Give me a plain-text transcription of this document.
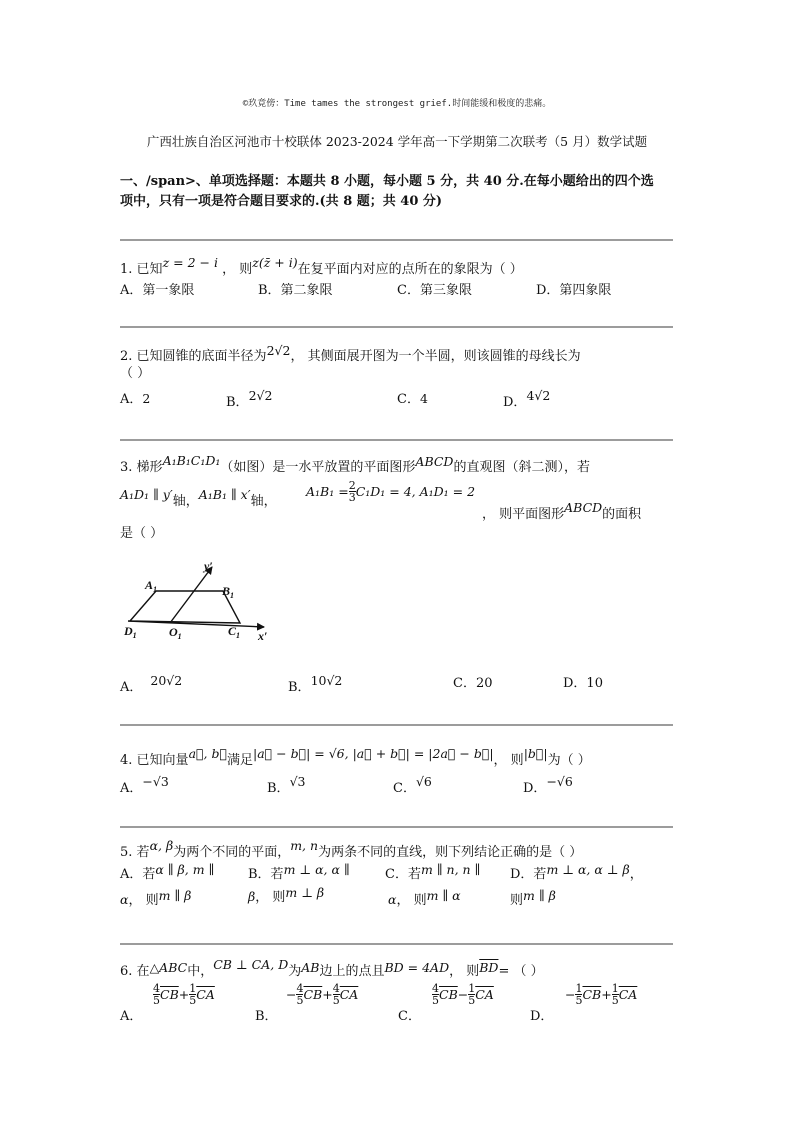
©玖竟傍：Time tames the strongest grief.时间能缓和极度的悲痛。
广西壮族自治区河池市十校联体 2023-2024 学年高一下学期第二次联考（5 月）数学试题
一、/span>、单项选择题：本题共 8 小题，每小题 5 分，共 40 分.在每小题给出的四个选
项中，只有一项是符合题目要求的.(共 8 题；共 40 分)
1. 已知z = 2 − i ， 则z(z̄ + i)在复平面内对应的点所在的象限为（ ）
A．第一象限	B．第二象限	C．第三象限	D．第四象限
2. 已知圆锥的底面半径为2√2， 其侧面展开图为一个半圆，则该圆锥的母线长为
（ ）
A．2	B．2√2	C．4	D．4√2
3. 梯形A₁B₁C₁D₁（如图）是一水平放置的平面图形ABCD的直观图（斜二测），若
A₁D₁ ∥ y′轴，A₁B₁ ∥ x′轴，
$A_1B_1 = \frac{2}{3} C_1D_1 = 4$, A₁D₁ = 2
， 则平面图形ABCD的面积
是（ ）
y′
x′
$A_1$	$B_1$
$C_1$
$D_1$	$O_1$
A． 20√2	B．10√2	C．20	D．10
4. 已知向量a⃗, b⃗满足|a⃗ − b⃗| = √6, |a⃗ + b⃗| = |2a⃗ − b⃗|， 则|b⃗|为（ ）
A．−√3	B．√3	C．√6	D．−√6
5. 若α, β为两个不同的平面，m, n为两条不同的直线，则下列结论正确的是（ ）
A．若α ∥ β, m ∥
α， 则m ∥ β
B．若m ⊥ α, α ∥
β， 则m ⊥ β
C．若m ∥ n, n ∥
α， 则m ∥ α
D．若m ⊥ α, α ⊥ β，
则m ∥ β
6. 在△ABC中，CB ⊥ CA, D为AB边上的点且BD = 4AD， 则$\overline{BD}=$ （ ）
A．
$\frac{4}{5} \overline{CB}+ \frac{1}{5} \overline{CA}$
B．
− $\frac{4}{5} \overline{CB}+ \frac{4}{5} \overline{CA}$
C．
$\frac{4}{5} \overline{CB}- \frac{1}{5} \overline{CA}$
D．
− $\frac{1}{5} \overline{CB}+ \frac{1}{5} \overline{CA}$
